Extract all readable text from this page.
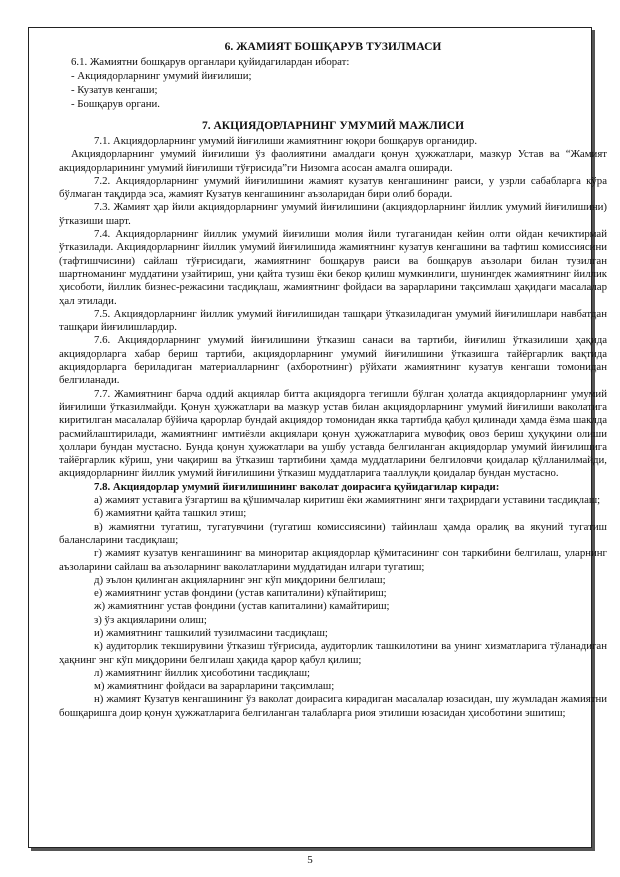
6. ЖАМИЯТ БОШҚАРУВ ТУЗИЛМАСИ
6.1. Жамиятни бошқарув органлари қуйидагилардан иборат:
- Акциядорларнинг умумий йиғилиши;
- Кузатув кенгаши;
- Бошқарув органи.
7. АКЦИЯДОРЛАРНИНГ УМУМИЙ МАЖЛИСИ

7.1. Акциядорларнинг умумий йиғилиши жамиятнинг юқори бошқарув органидир.

Акциядорларнинг умумий йиғилиши ўз фаолиятини амалдаги қонун ҳужжатлари, мазкур Устав ва “Жамият акциядорларининг умумий йиғилиши тўғрисида”ги Низомга асосан амалга оширади.

7.2. Акциядорларнинг умумий йиғилишини жамият кузатув кенгашининг раиси, у узрли сабабларга кўра бўлмаган тақдирда эса, жамият Кузатув кенгашининг аъзоларидан бири олиб боради.

7.3. Жамият ҳар йили акциядорларнинг умумий йиғилишини (акциядорларнинг йиллик умумий йиғилишини) ўтказиши шарт.

7.4. Акциядорларнинг йиллик умумий йиғилиши молия йили тугаганидан кейин олти ойдан кечиктирмай ўтказилади. Акциядорларнинг йиллик умумий йиғилишида жамиятнинг кузатув кенгашини ва тафтиш комиссиясини (тафтишчисини) сайлаш тўғрисидаги, жамиятнинг бошқарув раиси ва бошқарув аъзолари билан тузилган шартноманинг муддатини узайтириш, уни қайта тузиш ёки бекор қилиш мумкинлиги, шунингдек жамиятнинг йиллик ҳисоботи, йиллик бизнес-режасини тасдиқлаш, жамиятнинг фойдаси ва зарарларини тақсимлаш ҳақидаги масалалар ҳал этилади.

7.5. Акциядорларнинг йиллик умумий йиғилишидан ташқари ўтказиладиган умумий йиғилишлари навбатдан ташқари йиғилишлардир.

7.6. Акциядорларнинг умумий йиғилишини ўтказиш санаси ва тартиби, йиғилиш ўтказилиши ҳақида акциядорларга хабар бериш тартиби, акциядорларнинг умумий йиғилишини ўтказишга тайёргарлик вақтида акциядорларга бериладиган материалларнинг (ахборотнинг) рўйхати жамиятнинг кузатув кенгаши томонидан белгиланади.

7.7. Жамиятнинг барча оддий акциялар битта акциядорга тегишли бўлган ҳолатда акциядорларнинг умумий йиғилиши ўтказилмайди. Қонун ҳужжатлари ва мазкур устав билан акциядорларнинг умумий йиғилиши ваколатига киритилган масалалар бўйича қарорлар бундай акциядор томонидан якка тартибда қабул қилинади ҳамда ёзма шаклда расмийлаштирилади, жамиятнинг имтиёзли акциялари қонун ҳужжатларига мувофиқ овоз бериш ҳуқуқини олиши ҳоллари бундан мустасно. Бунда қонун ҳужжатлари ва ушбу уставда белгиланган акциядорлар умумий йиғилишига тайёргарлик кўриш, уни чақириш ва ўтказиш тартибини ҳамда муддатларини белгиловчи қоидалар қўлланилмайди, акциядорларнинг йиллик умумий йиғилишини ўтказиш муддатларига тааллуқли қоидалар бундан мустасно.

7.8. Акциядорлар умумий йиғилишининг ваколат доирасига қуйидагилар киради:

а) жамият уставига ўзгартиш ва қўшимчалар киритиш ёки жамиятнинг янги таҳрирдаги уставини тасдиқлаш;

б) жамиятни қайта ташкил этиш;

в) жамиятни тугатиш, тугатувчини (тугатиш комиссиясини) тайинлаш ҳамда оралиқ ва якуний тугатиш балансларини тасдиқлаш;

г) жамият кузатув кенгашининг ва миноритар акциядорлар қўмитасининг сон таркибини белгилаш, уларнинг аъзоларини сайлаш ва аъзоларнинг ваколатларини муддатидан илгари тугатиш;

д) эълон қилинган акцияларнинг энг кўп миқдорини белгилаш;

е) жамиятнинг устав фондини (устав капиталини) кўпайтириш;

ж) жамиятнинг устав фондини (устав капиталини) камайтириш;

з) ўз акцияларини олиш;

и) жамиятнинг ташкилий тузилмасини тасдиқлаш;

к) аудиторлик текширувини ўтказиш тўғрисида, аудиторлик ташкилотини ва унинг хизматларига тўланадиган ҳақнинг энг кўп миқдорини белгилаш ҳақида қарор қабул қилиш;

л) жамиятнинг йиллик ҳисоботини тасдиқлаш;

м) жамиятнинг фойдаси ва зарарларини тақсимлаш;

н) жамият Кузатув кенгашининг ўз ваколат доирасига кирадиган масалалар юзасидан, шу жумладан жамиятни бошқаришга доир қонун ҳужжатларига белгиланган талабларга риоя этилиши юзасидан ҳисоботини эшитиш;

5
